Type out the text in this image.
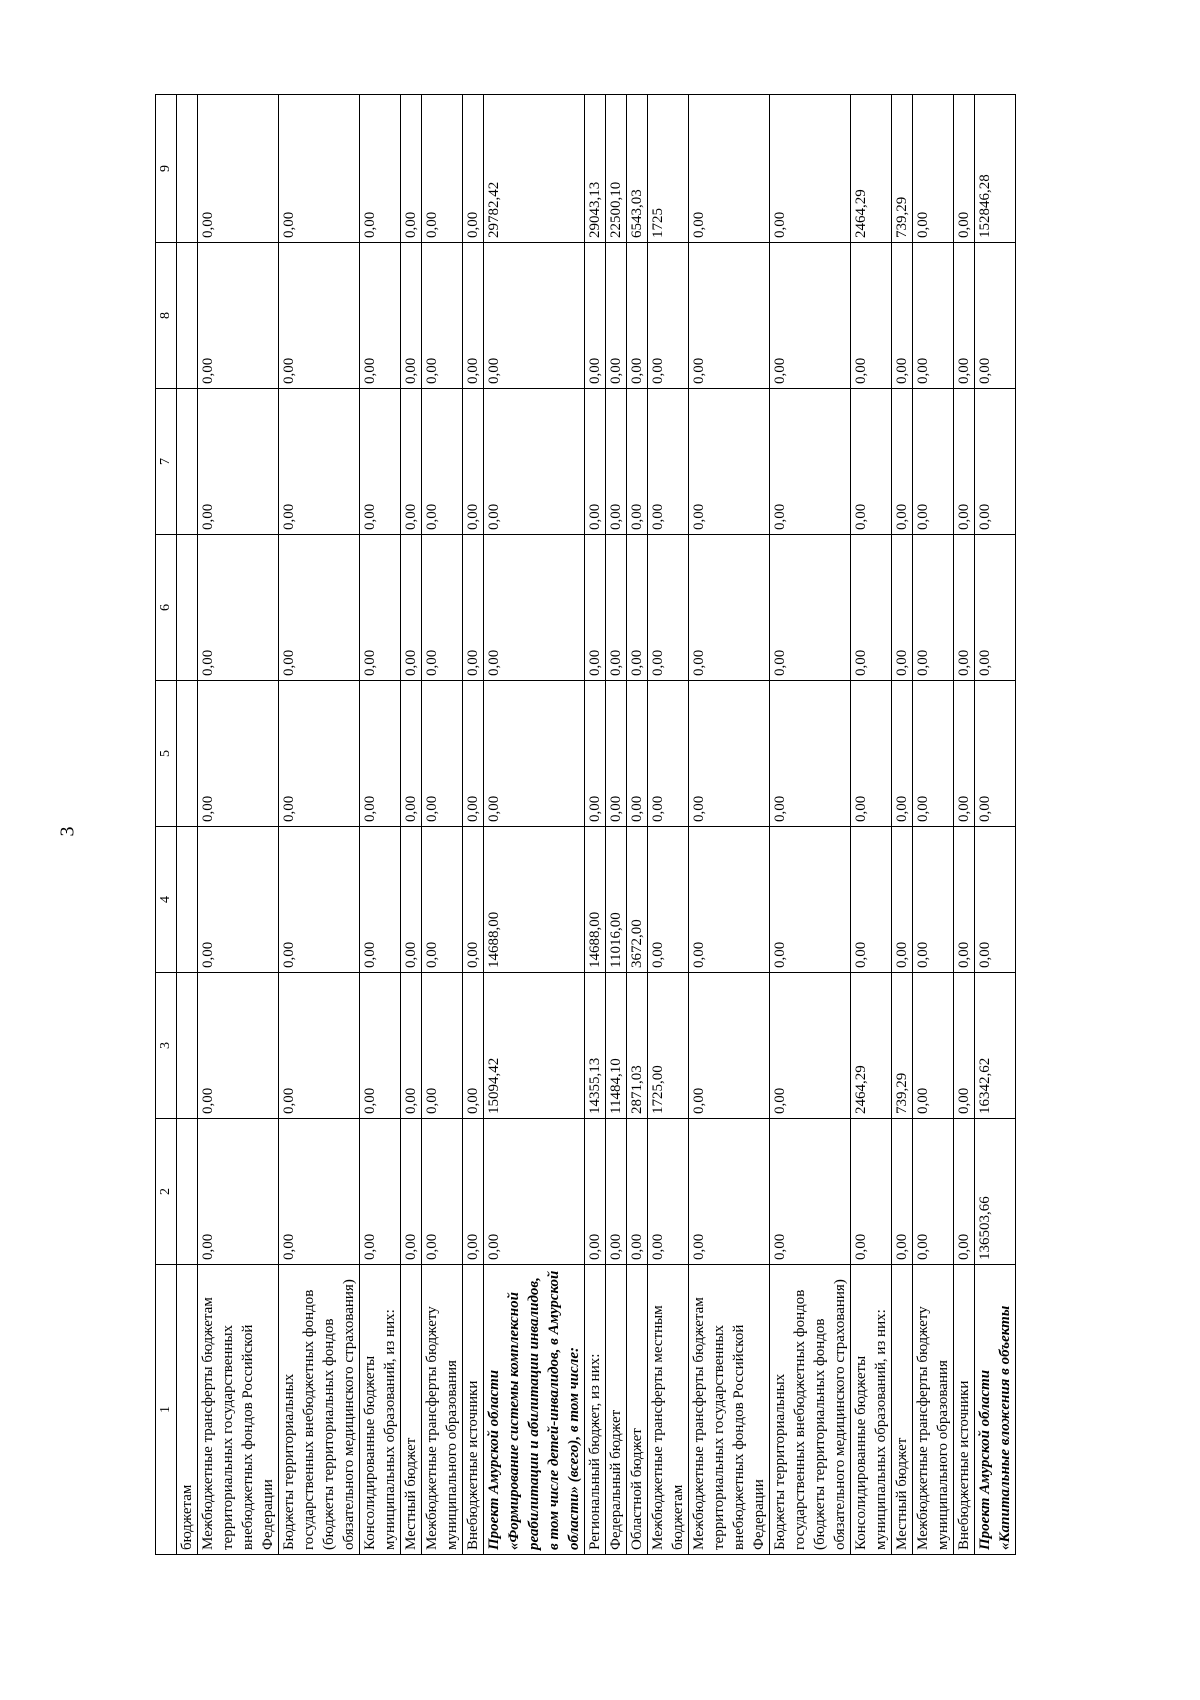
3
1	2	3	4	5	6	7	8	9
бюджетам								
Межбюджетные трансферты бюджетам территориальных государственных внебюджетных фондов Российской Федерации	0,00	0,00	0,00	0,00	0,00	0,00	0,00	0,00
Бюджеты территориальных государственных внебюджетных фондов (бюджеты территориальных фондов обязательного медицинского страхования)	0,00	0,00	0,00	0,00	0,00	0,00	0,00	0,00
Консолидированные бюджеты муниципальных образований, из них:	0,00	0,00	0,00	0,00	0,00	0,00	0,00	0,00
Местный бюджет	0,00	0,00	0,00	0,00	0,00	0,00	0,00	0,00
Межбюджетные трансферты бюджету муниципального образования	0,00	0,00	0,00	0,00	0,00	0,00	0,00	0,00
Внебюджетные источники	0,00	0,00	0,00	0,00	0,00	0,00	0,00	0,00
Проект Амурской области «Формирование системы комплексной реабилитации и абилитации инвалидов, в том числе детей-инвалидов, в Амурской области» (всего), в том числе:	0,00	15094,42	14688,00	0,00	0,00	0,00	0,00	29782,42
Региональный бюджет, из них:	0,00	14355,13	14688,00	0,00	0,00	0,00	0,00	29043,13
Федеральный бюджет	0,00	11484,10	11016,00	0,00	0,00	0,00	0,00	22500,10
Областной бюджет	0,00	2871,03	3672,00	0,00	0,00	0,00	0,00	6543,03
Межбюджетные трансферты местным бюджетам	0,00	1725,00	0,00	0,00	0,00	0,00	0,00	1725
Межбюджетные трансферты бюджетам территориальных государственных внебюджетных фондов Российской Федерации	0,00	0,00	0,00	0,00	0,00	0,00	0,00	0,00
Бюджеты территориальных государственных внебюджетных фондов (бюджеты территориальных фондов обязательного медицинского страхования)	0,00	0,00	0,00	0,00	0,00	0,00	0,00	0,00
Консолидированные бюджеты муниципальных образований, из них:	0,00	2464,29	0,00	0,00	0,00	0,00	0,00	2464,29
Местный бюджет	0,00	739,29	0,00	0,00	0,00	0,00	0,00	739,29
Межбюджетные трансферты бюджету муниципального образования	0,00	0,00	0,00	0,00	0,00	0,00	0,00	0,00
Внебюджетные источники	0,00	0,00	0,00	0,00	0,00	0,00	0,00	0,00
Проект Амурской области «Капитальные вложения в объекты	136503,66	16342,62	0,00	0,00	0,00	0,00	0,00	152846,28
